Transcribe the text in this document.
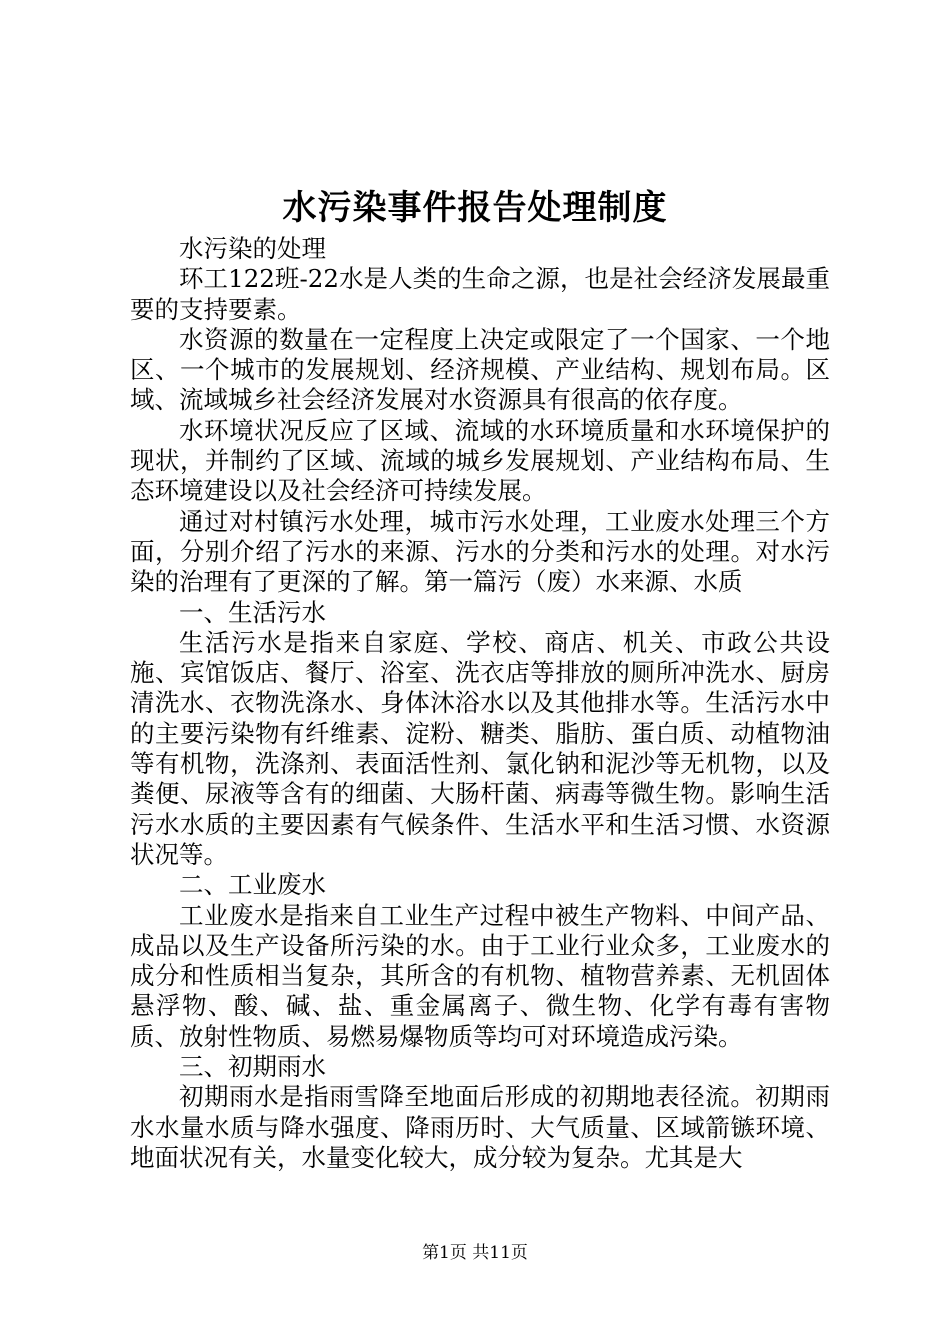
水污染事件报告处理制度

水污染的处理

环工122班-22水是人类的生命之源，也是社会经济发展最重要的支持要素。

水资源的数量在一定程度上决定或限定了一个国家、一个地区、一个城市的发展规划、经济规模、产业结构、规划布局。区域、流域城乡社会经济发展对水资源具有很高的依存度。

水环境状况反应了区域、流域的水环境质量和水环境保护的现状，并制约了区域、流域的城乡发展规划、产业结构布局、生态环境建设以及社会经济可持续发展。

通过对村镇污水处理，城市污水处理，工业废水处理三个方面，分别介绍了污水的来源、污水的分类和污水的处理。对水污染的治理有了更深的了解。第一篇污（废）水来源、水质

一、生活污水

生活污水是指来自家庭、学校、商店、机关、市政公共设施、宾馆饭店、餐厅、浴室、洗衣店等排放的厕所冲洗水、厨房清洗水、衣物洗涤水、身体沐浴水以及其他排水等。生活污水中的主要污染物有纤维素、淀粉、糖类、脂肪、蛋白质、动植物油等有机物，洗涤剂、表面活性剂、氯化钠和泥沙等无机物，以及粪便、尿液等含有的细菌、大肠杆菌、病毒等微生物。影响生活污水水质的主要因素有气候条件、生活水平和生活习惯、水资源状况等。

二、工业废水

工业废水是指来自工业生产过程中被生产物料、中间产品、成品以及生产设备所污染的水。由于工业行业众多，工业废水的成分和性质相当复杂，其所含的有机物、植物营养素、无机固体悬浮物、酸、碱、盐、重金属离子、微生物、化学有毒有害物质、放射性物质、易燃易爆物质等均可对环境造成污染。

三、初期雨水

初期雨水是指雨雪降至地面后形成的初期地表径流。初期雨水水量水质与降水强度、降雨历时、大气质量、区域箭镞环境、地面状况有关，水量变化较大，成分较为复杂。尤其是大

第1页 共11页
